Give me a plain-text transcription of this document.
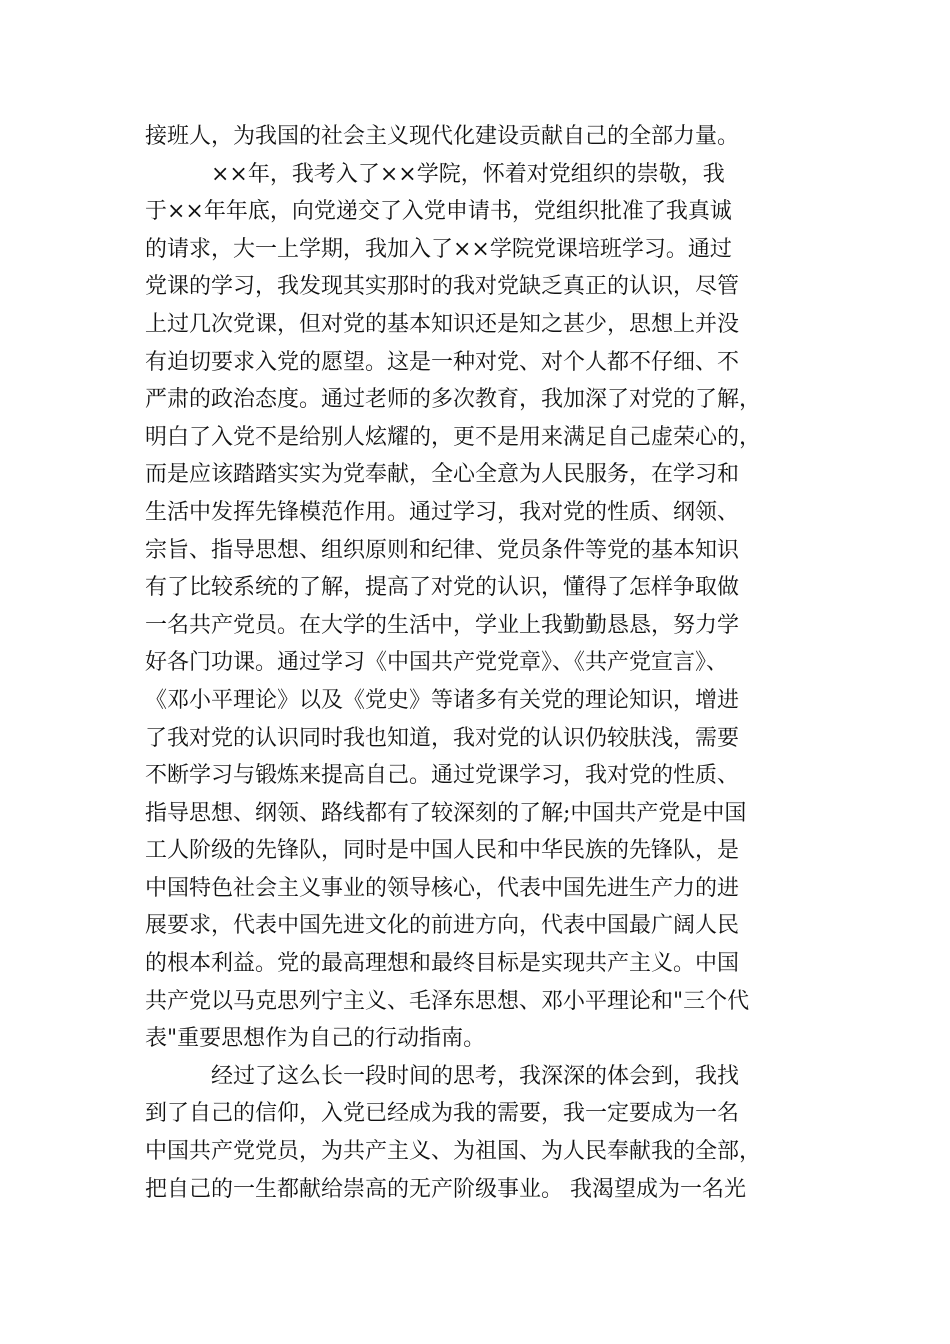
接班人，为我国的社会主义现代化建设贡献自己的全部力量。
××年，我考入了××学院，怀着对党组织的崇敬，我
于××年年底，向党递交了入党申请书，党组织批准了我真诚
的请求，大一上学期，我加入了××学院党课培班学习。通过
党课的学习，我发现其实那时的我对党缺乏真正的认识，尽管
上过几次党课，但对党的基本知识还是知之甚少，思想上并没
有迫切要求入党的愿望。这是一种对党、对个人都不仔细、不
严肃的政治态度。通过老师的多次教育，我加深了对党的了解，
明白了入党不是给别人炫耀的，更不是用来满足自己虚荣心的，
而是应该踏踏实实为党奉献，全心全意为人民服务，在学习和
生活中发挥先锋模范作用。通过学习，我对党的性质、纲领、
宗旨、指导思想、组织原则和纪律、党员条件等党的基本知识
有了比较系统的了解，提高了对党的认识，懂得了怎样争取做
一名共产党员。在大学的生活中，学业上我勤勤恳恳，努力学
好各门功课。通过学习《中国共产党党章》、《共产党宣言》、
《邓小平理论》以及《党史》等诸多有关党的理论知识，增进
了我对党的认识同时我也知道，我对党的认识仍较肤浅，需要
不断学习与锻炼来提高自己。通过党课学习，我对党的性质、
指导思想、纲领、路线都有了较深刻的了解;中国共产党是中国
工人阶级的先锋队，同时是中国人民和中华民族的先锋队，是
中国特色社会主义事业的领导核心，代表中国先进生产力的进
展要求，代表中国先进文化的前进方向，代表中国最广阔人民
的根本利益。党的最高理想和最终目标是实现共产主义。中国
共产党以马克思列宁主义、毛泽东思想、邓小平理论和"三个代
表"重要思想作为自己的行动指南。
经过了这么长一段时间的思考，我深深的体会到，我找
到了自己的信仰，入党已经成为我的需要，我一定要成为一名
中国共产党党员，为共产主义、为祖国、为人民奉献我的全部，
把自己的一生都献给崇高的无产阶级事业。 我渴望成为一名光
